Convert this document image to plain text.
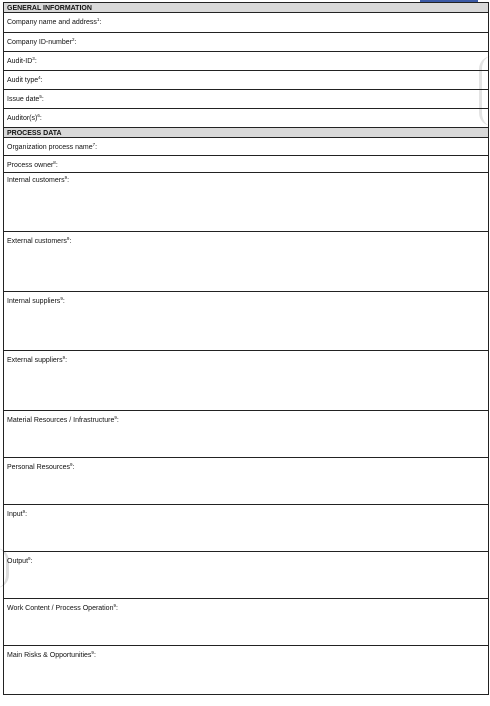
GENERAL INFORMATION
Company name and address$^1$:
Company ID-number$^2$:
Audit-$ID^3$:
Audit type$^4$:
Issue date$^5$:
$Auditor(s)^6$:
PROCESS DATA
Organization process name$^7$:
Process owner$^8$:
Internal customers$^9$:
External customers$^9$:
Internal suppliers$^9$:
External suppliers$^9$:
Material Resources / Infrastructure$^9$:
Personal Resources$^9$:
Input$^9$:
Output$^9$:
Work Content / Process Operation$^9$:
Main Risks & Opportunities$^9$:
